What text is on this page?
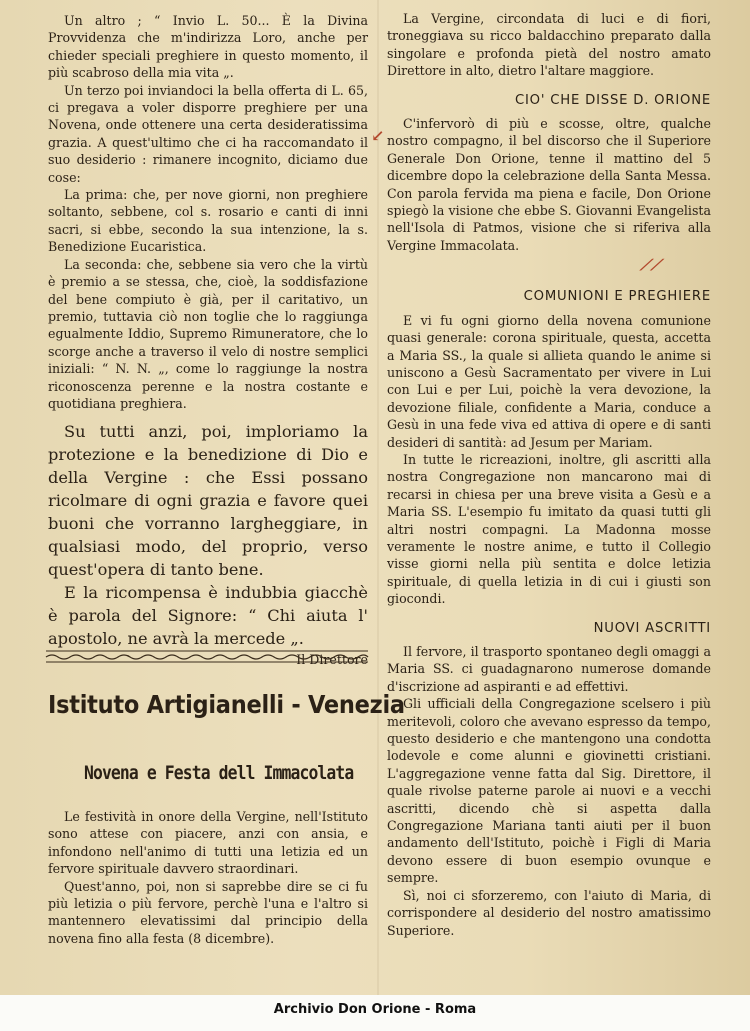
Un altro ; “ Invio L. 50... È la Divina Provvidenza che m'indirizza Loro, anche per chieder speciali preghiere in questo momento, il più scabroso della mia vita „.

Un terzo poi inviandoci la bella offerta di L. 65, ci pregava a voler disporre preghiere per una Novena, onde ottenere una certa desideratissima grazia. A quest'ultimo che ci ha raccomandato il suo desiderio : rimanere incognito, diciamo due cose:

La prima: che, per nove giorni, non preghiere soltanto, sebbene, col s. rosario e canti di inni sacri, si ebbe, secondo la sua intenzione, la s. Benedizione Eucaristica.

La seconda: che, sebbene sia vero che la virtù è premio a se stessa, che, cioè, la soddisfazione del bene compiuto è già, per il caritativo, un premio, tuttavia ciò non toglie che lo raggiunga egualmente Iddio, Supremo Rimuneratore, che lo scorge anche a traverso il velo di nostre semplici iniziali: “ N. N. „, come lo raggiunge la nostra riconoscenza perenne e la nostra costante e quotidiana preghiera.

Su tutti anzi, poi, imploriamo la protezione e la benedizione di Dio e della Vergine : che Essi possano ricolmare di ogni grazia e favore quei buoni che vorranno largheggiare, in qualsiasi modo, del proprio, verso quest'opera di tanto bene.

E la ricompensa è indubbia giacchè è parola del Signore: “ Chi aiuta l' apostolo, ne avrà la mercede „.

Il Direttore
Istituto Artigianelli - Venezia
Novena e Festa dell Immacolata

Le festività in onore della Vergine, nell'Istituto sono attese con piacere, anzi con ansia, e infondono nell'animo di tutti una letizia ed un fervore spirituale davvero straordinari.

Quest'anno, poi, non si saprebbe dire se ci fu più letizia o più fervore, perchè l'una e l'altro si mantennero elevatissimi dal principio della novena fino alla festa (8 dicembre).

La Vergine, circondata di luci e di fiori, troneggiava su ricco baldacchino preparato dalla singolare e profonda pietà del nostro amato Direttore in alto, dietro l'altare maggiore.

CIO' CHE DISSE D. ORIONE

C'infervorò di più e scosse, oltre, qualche nostro compagno, il bel discorso che il Superiore Generale Don Orione, tenne il mattino del 5 dicembre dopo la celebrazione della Santa Messa. Con parola fervida ma piena e facile, Don Orione spiegò la visione che ebbe S. Giovanni Evangelista nell'Isola di Patmos, visione che si riferiva alla Vergine Immacolata.

COMUNIONI E PREGHIERE

E vi fu ogni giorno della novena comunione quasi generale: corona spirituale, questa, accetta a Maria SS., la quale si allieta quando le anime si uniscono a Gesù Sacramentato per vivere in Lui con Lui e per Lui, poichè la vera devozione, la devozione filiale, confidente a Maria, conduce a Gesù in una fede viva ed attiva di opere e di santi desideri di santità: ad Jesum per Mariam.

In tutte le ricreazioni, inoltre, gli ascritti alla nostra Congregazione non mancarono mai di recarsi in chiesa per una breve visita a Gesù e a Maria SS. L'esempio fu imitato da quasi tutti gli altri nostri compagni. La Madonna mosse veramente le nostre anime, e tutto il Collegio visse giorni nella più sentita e dolce letizia spirituale, di quella letizia in di cui i giusti son giocondi.

NUOVI ASCRITTI

Il fervore, il trasporto spontaneo degli omaggi a Maria SS. ci guadagnarono numerose domande d'iscrizione ad aspiranti e ad effettivi.

Gli ufficiali della Congregazione scelsero i più meritevoli, coloro che avevano espresso da tempo, questo desiderio e che mantengono una condotta lodevole e come alunni e giovinetti cristiani. L'aggregazione venne fatta dal Sig. Direttore, il quale rivolse paterne parole ai nuovi e a vecchi ascritti, dicendo chè si aspetta dalla Congregazione Mariana tanti aiuti per il buon andamento dell'Istituto, poichè i Figli di Maria devono essere di buon esempio ovunque e sempre.

Sì, noi ci sforzeremo, con l'aiuto di Maria, di corrispondere al desiderio del nostro amatissimo Superiore.

↙
⟋⟋
Archivio Don Orione - Roma
